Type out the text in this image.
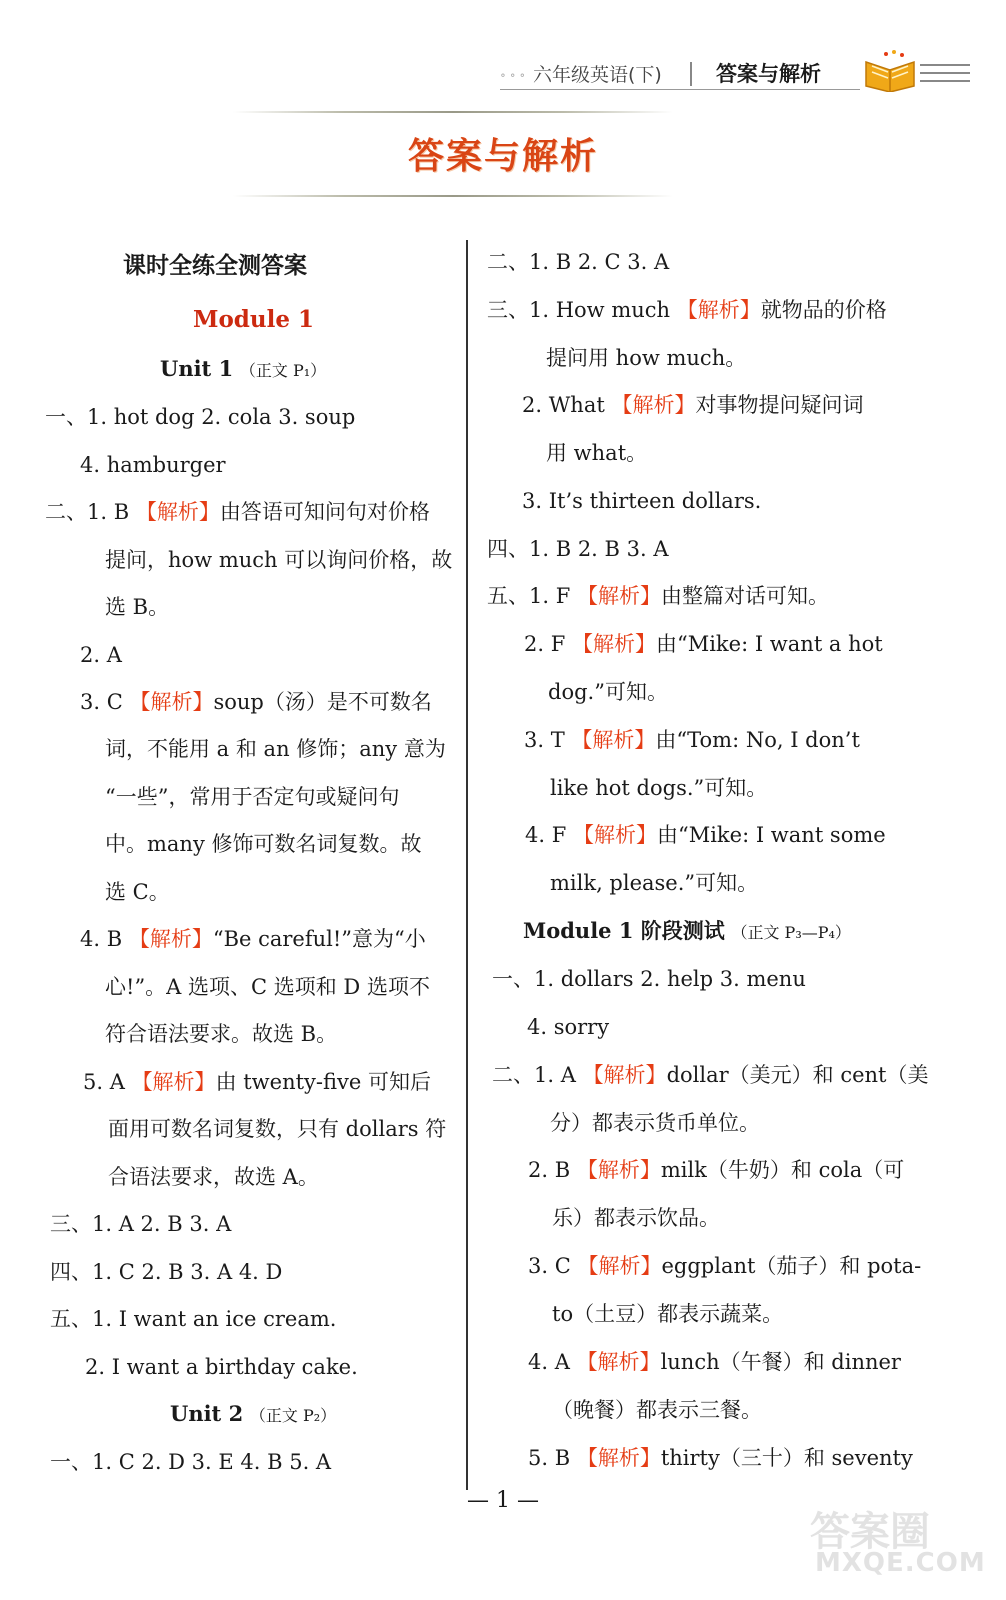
∘ ∘ ∘ 六年级英语(下)	答案与解析
答案与解析
课时全练全测答案
Module 1
Unit 1 （正文 P₁）
一、1. hot dog 2. cola 3. soup
4. hamburger
二、1. B 【解析】由答语可知问句对价格
提问，how much 可以询问价格，故
选 B。
2. A
3. C 【解析】soup（汤）是不可数名
词，不能用 a 和 an 修饰；any 意为
“一些”，常用于否定句或疑问句
中。many 修饰可数名词复数。故
选 C。
4. B 【解析】“Be careful!”意为“小
心!”。A 选项、C 选项和 D 选项不
符合语法要求。故选 B。
5. A 【解析】由 twenty-five 可知后
面用可数名词复数，只有 dollars 符
合语法要求，故选 A。
三、1. A 2. B 3. A
四、1. C 2. B 3. A 4. D
五、1. I want an ice cream.
2. I want a birthday cake.
Unit 2 （正文 P₂）
一、1. C 2. D 3. E 4. B 5. A
二、1. B 2. C 3. A
三、1. How much 【解析】就物品的价格
提问用 how much。
2. What 【解析】对事物提问疑问词
用 what。
3. It’s thirteen dollars.
四、1. B 2. B 3. A
五、1. F 【解析】由整篇对话可知。
2. F 【解析】由“Mike: I want a hot
dog.”可知。
3. T 【解析】由“Tom: No, I don’t
like hot dogs.”可知。
4. F 【解析】由“Mike: I want some
milk, please.”可知。
Module 1 阶段测试 （正文 P₃—P₄）
一、1. dollars 2. help 3. menu
4. sorry
二、1. A 【解析】dollar（美元）和 cent（美
分）都表示货币单位。
2. B 【解析】milk（牛奶）和 cola（可
乐）都表示饮品。
3. C 【解析】eggplant（茄子）和 pota-
to（土豆）都表示蔬菜。
4. A 【解析】lunch（午餐）和 dinner
（晚餐）都表示三餐。
5. B 【解析】thirty（三十）和 seventy
— 1 —
答案圈
MXQE.COM
